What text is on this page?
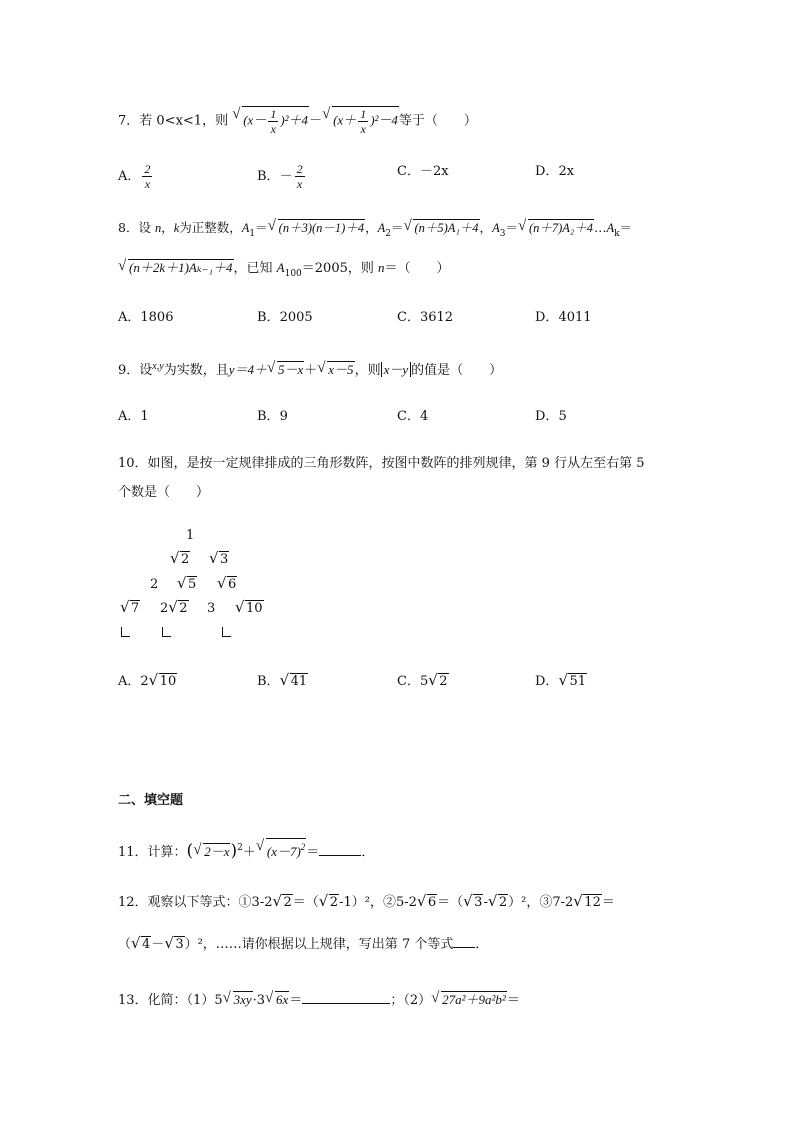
7．若 0<x<1，则 √ $(x- \frac{1}{x} )^2+4-√$ $(x+ \frac{1}{x} )^2-4$等于（　　）
A． $\frac{2}{x}$	B．－ $\frac{2}{x}$	C．－2x	D．2x
8．设 n，k为正整数，$A_1=√$ (n＋3)(n－1)＋4，$A_2=√$ (n＋5)A₁＋4，$A_3=√$ $(n+7)A_2+4\dots A_k=$
√ (n＋2k＋1)Aₖ₋₁＋4，已知 $A_{100}=2005$，则 n＝（　　）
A．1806	B．2005	C．3612	D．4011
9．设$^{x,y}$为实数，且y＝4＋√ 5－x＋√ x－5，则 x－y 的值是（　　）
A．1	B．9	C．4	D．5
10．如图，是按一定规律排成的三角形数阵，按图中数阵的排列规律，第 9 行从左至右第 5
个数是（　　）
1
√ 2
√	3
2
√	5
√	6
√ 7 2√ 2 3
√	10
A．2√ 10	B．√ 41	C．5√ 2	D．√ 51
二、填空题
11．计算：(√ 2－x)$^2$＋√ $(x-7)^2=$	．
12．观察以下等式：①3-2√ 2＝（√ 2-1）²，②5-2√ 6＝（√ 3-√ 2）²，③7-2√ 12＝
（√ 4－√ 3）²，……请你根据以上规律，写出第 7 个等式 ．
13．化简：（1）5√ 3xy·3√ 6x＝	；（2）√ 27a²＋9a²b²＝
